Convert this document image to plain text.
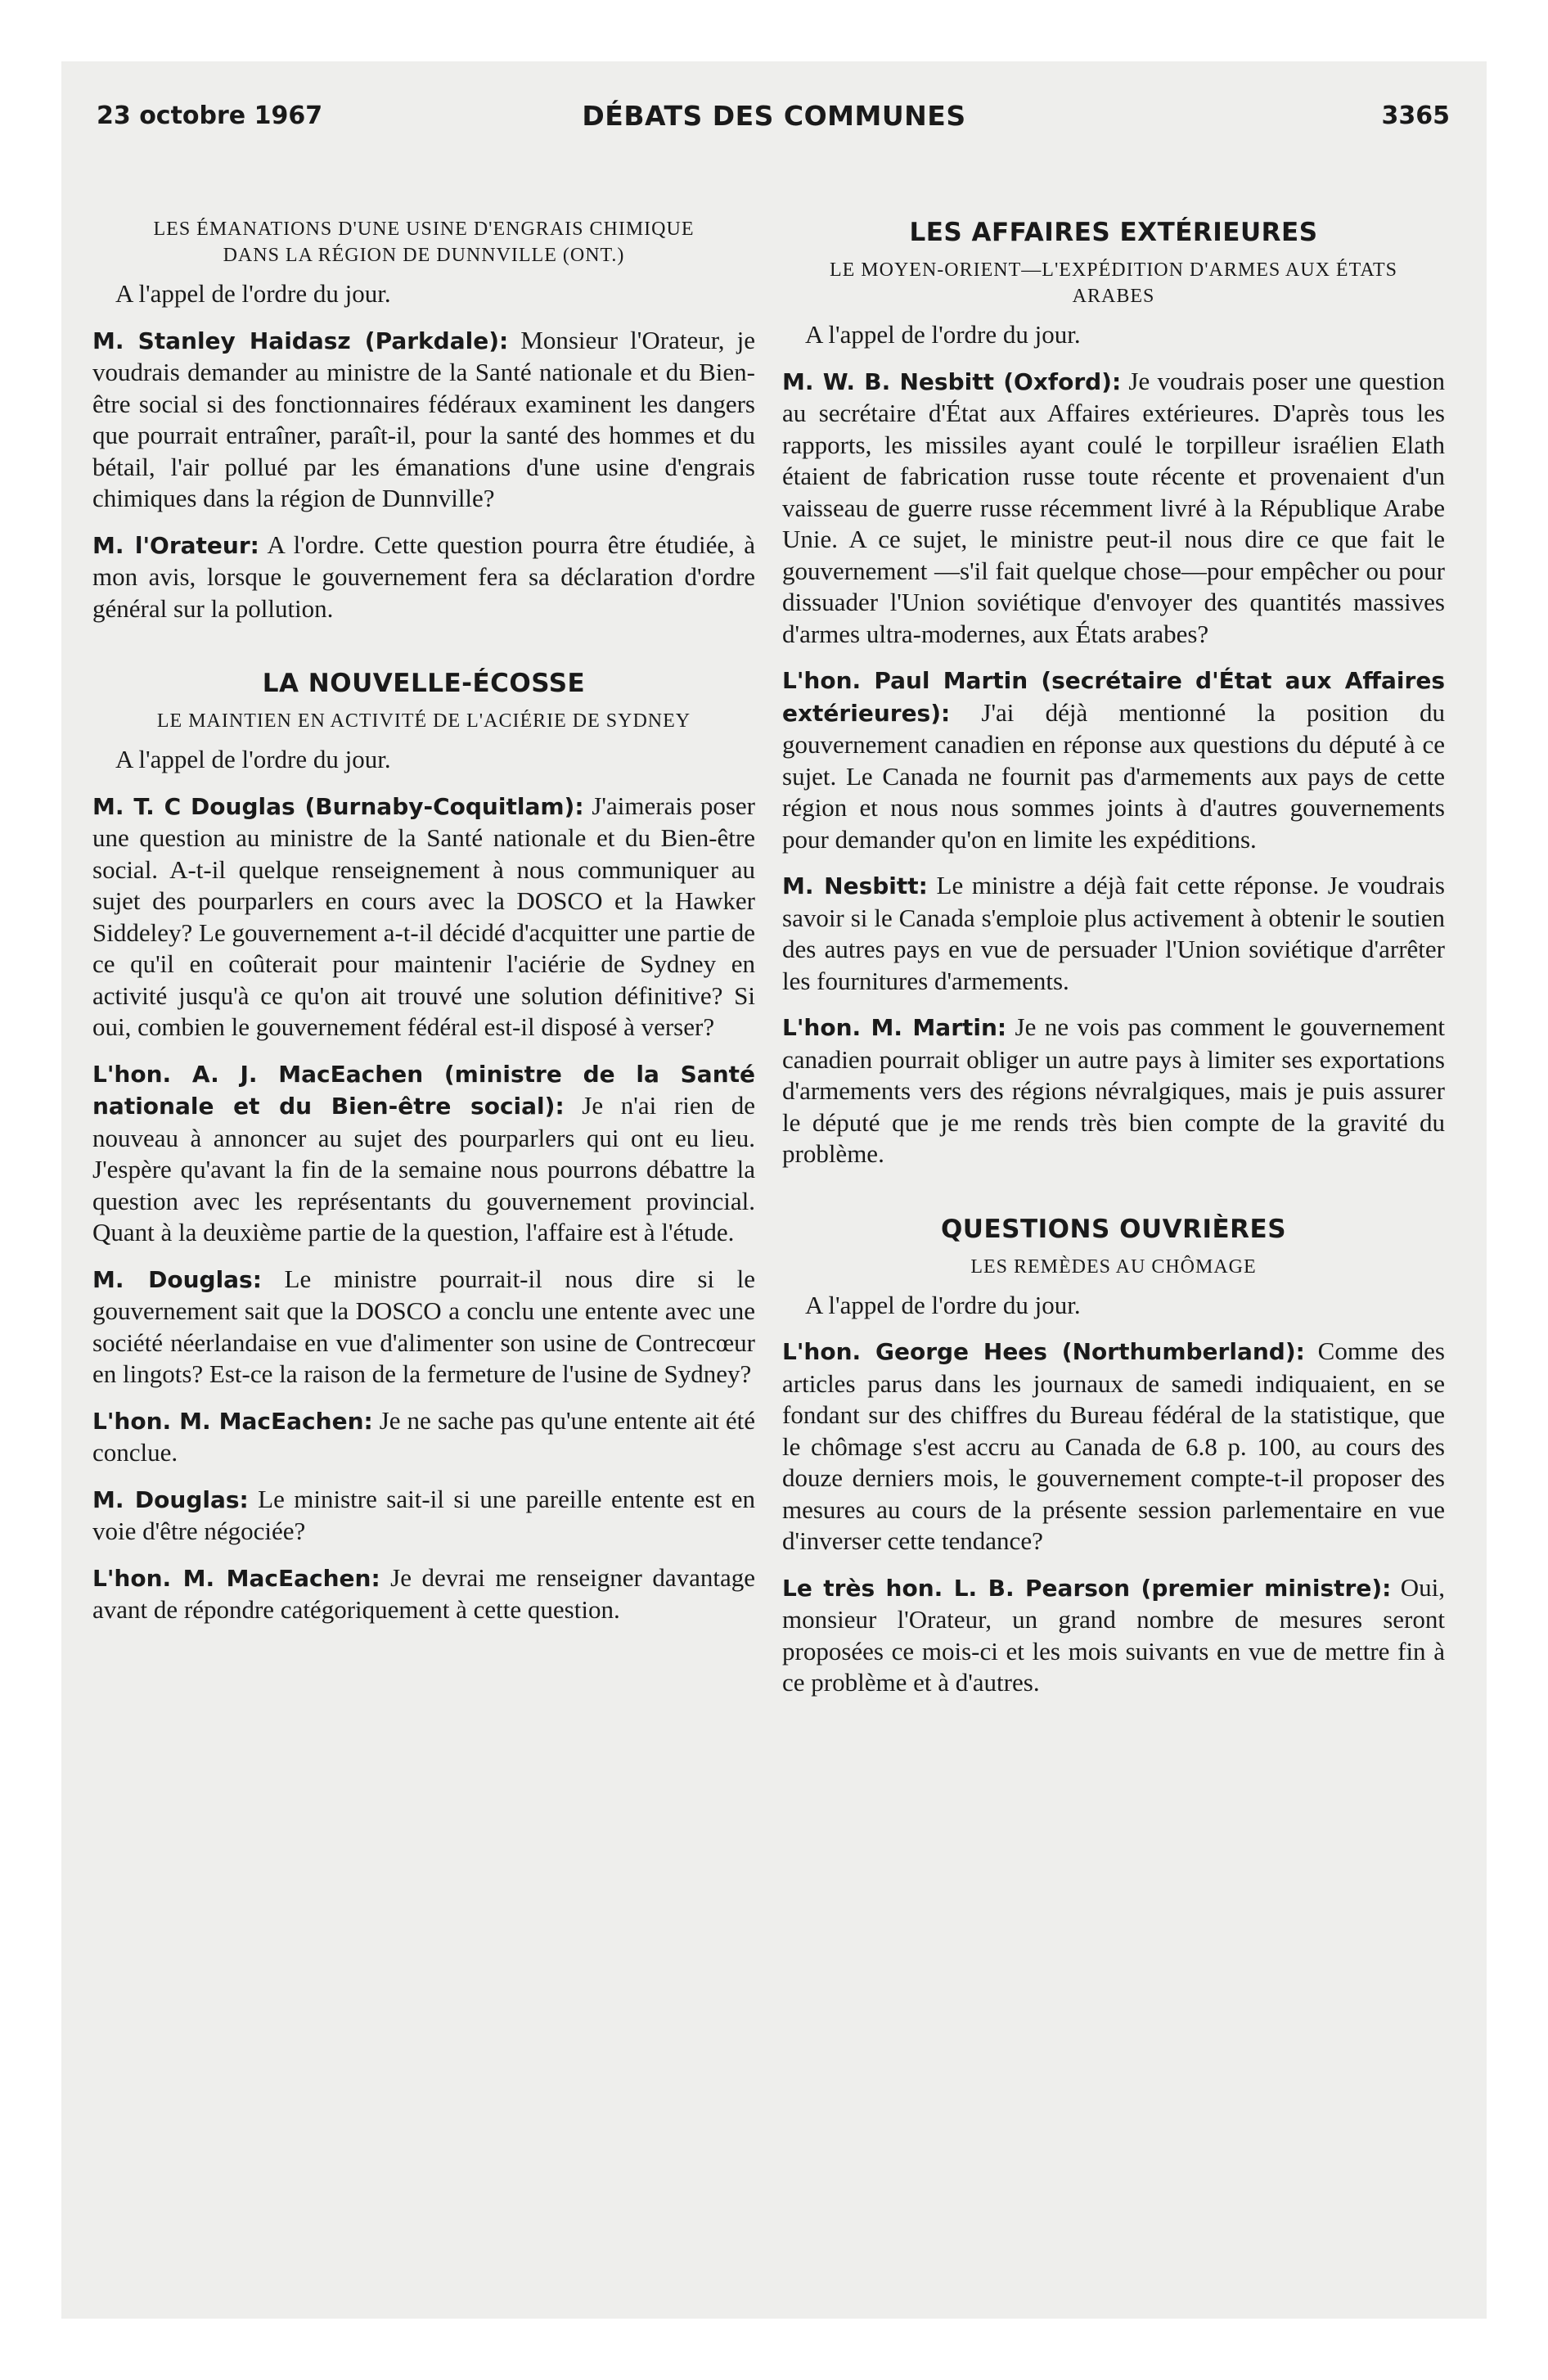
23 octobre 1967	DÉBATS DES COMMUNES	3365
LES ÉMANATIONS D'UNE USINE D'ENGRAIS CHIMIQUE DANS LA RÉGION DE DUNNVILLE (ONT.)

A l'appel de l'ordre du jour.

M. Stanley Haidasz (Parkdale): Monsieur l'Orateur, je voudrais demander au ministre de la Santé nationale et du Bien-être social si des fonctionnaires fédéraux examinent les dangers que pourrait entraîner, paraît-il, pour la santé des hommes et du bétail, l'air pollué par les émanations d'une usine d'engrais chimiques dans la région de Dunnville?

M. l'Orateur: A l'ordre. Cette question pourra être étudiée, à mon avis, lorsque le gouvernement fera sa déclaration d'ordre général sur la pollution.

LA NOUVELLE-ÉCOSSE
LE MAINTIEN EN ACTIVITÉ DE L'ACIÉRIE DE SYDNEY

A l'appel de l'ordre du jour.

M. T. C Douglas (Burnaby-Coquitlam): J'aimerais poser une question au ministre de la Santé nationale et du Bien-être social. A-t-il quelque renseignement à nous communiquer au sujet des pourparlers en cours avec la DOSCO et la Hawker Siddeley? Le gouvernement a-t-il décidé d'acquitter une partie de ce qu'il en coûterait pour maintenir l'aciérie de Sydney en activité jusqu'à ce qu'on ait trouvé une solution définitive? Si oui, combien le gouvernement fédéral est-il disposé à verser?

L'hon. A. J. MacEachen (ministre de la Santé nationale et du Bien-être social): Je n'ai rien de nouveau à annoncer au sujet des pourparlers qui ont eu lieu. J'espère qu'avant la fin de la semaine nous pourrons débattre la question avec les représentants du gouvernement provincial. Quant à la deuxième partie de la question, l'affaire est à l'étude.

M. Douglas: Le ministre pourrait-il nous dire si le gouvernement sait que la DOSCO a conclu une entente avec une société néerlandaise en vue d'alimenter son usine de Contrecœur en lingots? Est-ce la raison de la fermeture de l'usine de Sydney?

L'hon. M. MacEachen: Je ne sache pas qu'une entente ait été conclue.

M. Douglas: Le ministre sait-il si une pareille entente est en voie d'être négociée?

L'hon. M. MacEachen: Je devrai me renseigner davantage avant de répondre catégoriquement à cette question.

LES AFFAIRES EXTÉRIEURES
LE MOYEN-ORIENT—L'EXPÉDITION D'ARMES AUX ÉTATS ARABES

A l'appel de l'ordre du jour.

M. W. B. Nesbitt (Oxford): Je voudrais poser une question au secrétaire d'État aux Affaires extérieures. D'après tous les rapports, les missiles ayant coulé le torpilleur israélien Elath étaient de fabrication russe toute récente et provenaient d'un vaisseau de guerre russe récemment livré à la République Arabe Unie. A ce sujet, le ministre peut-il nous dire ce que fait le gouvernement —s'il fait quelque chose—pour empêcher ou pour dissuader l'Union soviétique d'envoyer des quantités massives d'armes ultra-modernes, aux États arabes?

L'hon. Paul Martin (secrétaire d'État aux Affaires extérieures): J'ai déjà mentionné la position du gouvernement canadien en réponse aux questions du député à ce sujet. Le Canada ne fournit pas d'armements aux pays de cette région et nous nous sommes joints à d'autres gouvernements pour demander qu'on en limite les expéditions.

M. Nesbitt: Le ministre a déjà fait cette réponse. Je voudrais savoir si le Canada s'emploie plus activement à obtenir le soutien des autres pays en vue de persuader l'Union soviétique d'arrêter les fournitures d'armements.

L'hon. M. Martin: Je ne vois pas comment le gouvernement canadien pourrait obliger un autre pays à limiter ses exportations d'armements vers des régions névralgiques, mais je puis assurer le député que je me rends très bien compte de la gravité du problème.

QUESTIONS OUVRIÈRES
LES REMÈDES AU CHÔMAGE

A l'appel de l'ordre du jour.

L'hon. George Hees (Northumberland): Comme des articles parus dans les journaux de samedi indiquaient, en se fondant sur des chiffres du Bureau fédéral de la statistique, que le chômage s'est accru au Canada de 6.8 p. 100, au cours des douze derniers mois, le gouvernement compte-t-il proposer des mesures au cours de la présente session parlementaire en vue d'inverser cette tendance?

Le très hon. L. B. Pearson (premier ministre): Oui, monsieur l'Orateur, un grand nombre de mesures seront proposées ce mois-ci et les mois suivants en vue de mettre fin à ce problème et à d'autres.
